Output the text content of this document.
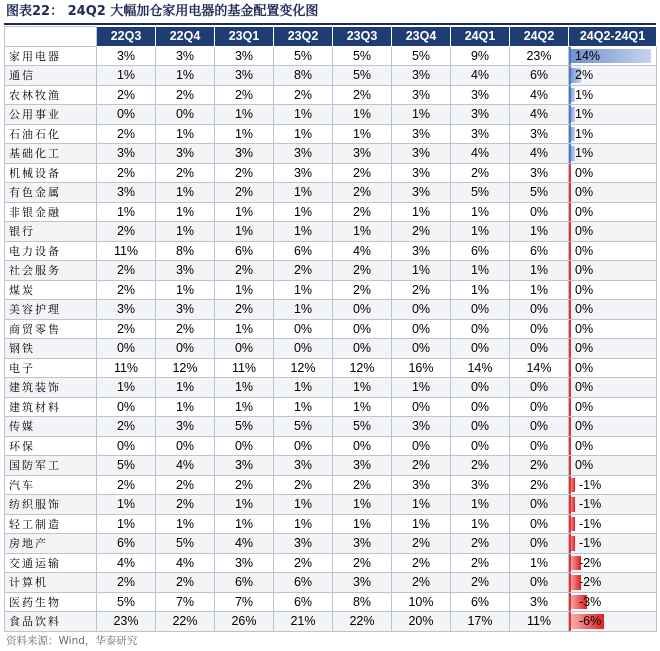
图表22： 24Q2 大幅加仓家用电器的基金配置变化图
	22Q3	22Q4	23Q1	23Q2	23Q3	23Q4	24Q1	24Q2	24Q2-24Q1
家用电器	3%	3%	3%	5%	5%	5%	9%	23%	14%

通信	1%	1%	3%	8%	5%	3%	4%	6%	2%

农林牧渔	2%	2%	2%	2%	2%	3%	3%	4%	1%

公用事业	0%	0%	1%	1%	1%	1%	3%	4%	1%

石油石化	2%	1%	1%	1%	1%	3%	3%	3%	1%

基础化工	3%	3%	3%	3%	3%	3%	4%	4%	1%

机械设备	2%	2%	2%	3%	2%	3%	2%	3%	0%

有色金属	3%	1%	2%	1%	2%	3%	5%	5%	0%

非银金融	1%	1%	1%	1%	2%	1%	1%	0%	0%

银行	2%	1%	1%	1%	1%	2%	1%	1%	0%

电力设备	11%	8%	6%	6%	4%	3%	6%	6%	0%

社会服务	2%	3%	2%	2%	2%	1%	1%	1%	0%

煤炭	2%	1%	1%	1%	2%	2%	1%	1%	0%

美容护理	3%	3%	2%	1%	0%	0%	0%	0%	0%

商贸零售	2%	2%	1%	0%	0%	0%	0%	0%	0%

钢铁	0%	0%	0%	0%	0%	0%	0%	0%	0%

电子	11%	12%	11%	12%	12%	16%	14%	14%	0%

建筑装饰	1%	1%	1%	1%	1%	1%	0%	0%	0%

建筑材料	0%	1%	1%	1%	1%	0%	0%	0%	0%

传媒	2%	3%	5%	5%	5%	3%	0%	0%	0%

环保	0%	0%	0%	0%	0%	0%	0%	0%	0%

国防军工	5%	4%	3%	3%	3%	2%	2%	2%	0%

汽车	2%	2%	2%	2%	2%	3%	3%	2%	-1%

纺织服饰	1%	2%	1%	1%	1%	1%	1%	0%	-1%

轻工制造	1%	1%	1%	1%	1%	1%	1%	0%	-1%

房地产	6%	5%	4%	3%	3%	2%	2%	0%	-1%

交通运输	4%	4%	3%	2%	2%	2%	2%	1%	-2%

计算机	2%	2%	6%	6%	3%	2%	2%	0%	-2%

医药生物	5%	7%	7%	6%	8%	10%	6%	3%	-3%

食品饮料	23%	22%	26%	21%	22%	20%	17%	11%	-6%
资料来源：Wind，华泰研究
